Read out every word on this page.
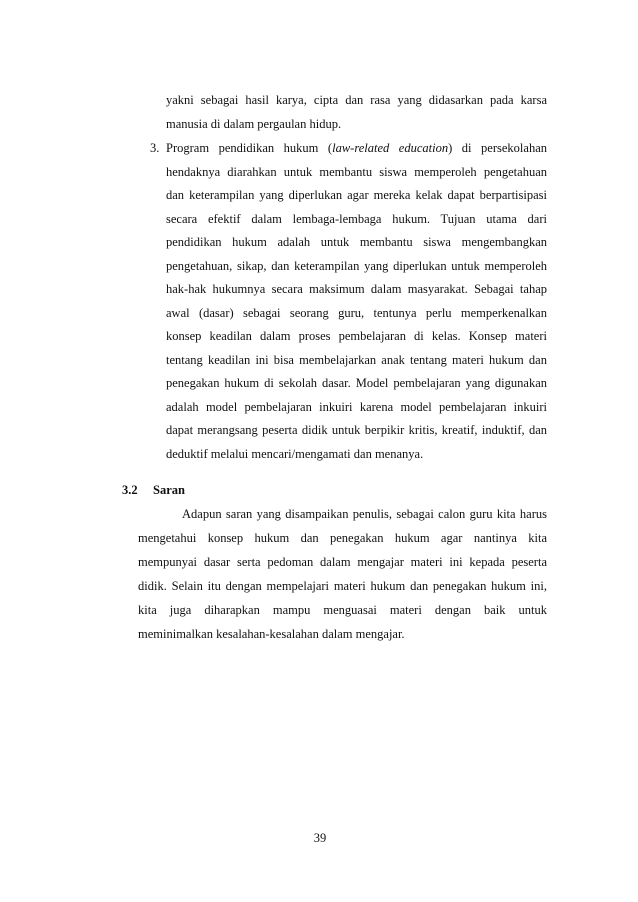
yakni sebagai hasil karya, cipta dan rasa yang didasarkan pada karsa
manusia di dalam pergaulan hidup.
3. Program pendidikan hukum (law-related education) di persekolahan
hendaknya diarahkan untuk membantu siswa memperoleh pengetahuan
dan keterampilan yang diperlukan agar mereka kelak dapat berpartisipasi
secara efektif dalam lembaga-lembaga hukum. Tujuan utama dari
pendidikan hukum adalah untuk membantu siswa mengembangkan
pengetahuan, sikap, dan keterampilan yang diperlukan untuk memperoleh
hak-hak hukumnya secara maksimum dalam masyarakat. Sebagai tahap
awal (dasar) sebagai seorang guru, tentunya perlu memperkenalkan
konsep keadilan dalam proses pembelajaran di kelas. Konsep materi
tentang keadilan ini bisa membelajarkan anak tentang materi hukum dan
penegakan hukum di sekolah dasar. Model pembelajaran yang digunakan
adalah model pembelajaran inkuiri karena model pembelajaran inkuiri
dapat merangsang peserta didik untuk berpikir kritis, kreatif, induktif, dan
deduktif melalui mencari/mengamati dan menanya.
3.2 Saran
Adapun saran yang disampaikan penulis, sebagai calon guru kita harus
mengetahui konsep hukum dan penegakan hukum agar nantinya kita
mempunyai dasar serta pedoman dalam mengajar materi ini kepada peserta
didik. Selain itu dengan mempelajari materi hukum dan penegakan hukum ini,
kita juga diharapkan mampu menguasai materi dengan baik untuk
meminimalkan kesalahan-kesalahan dalam mengajar.
39
